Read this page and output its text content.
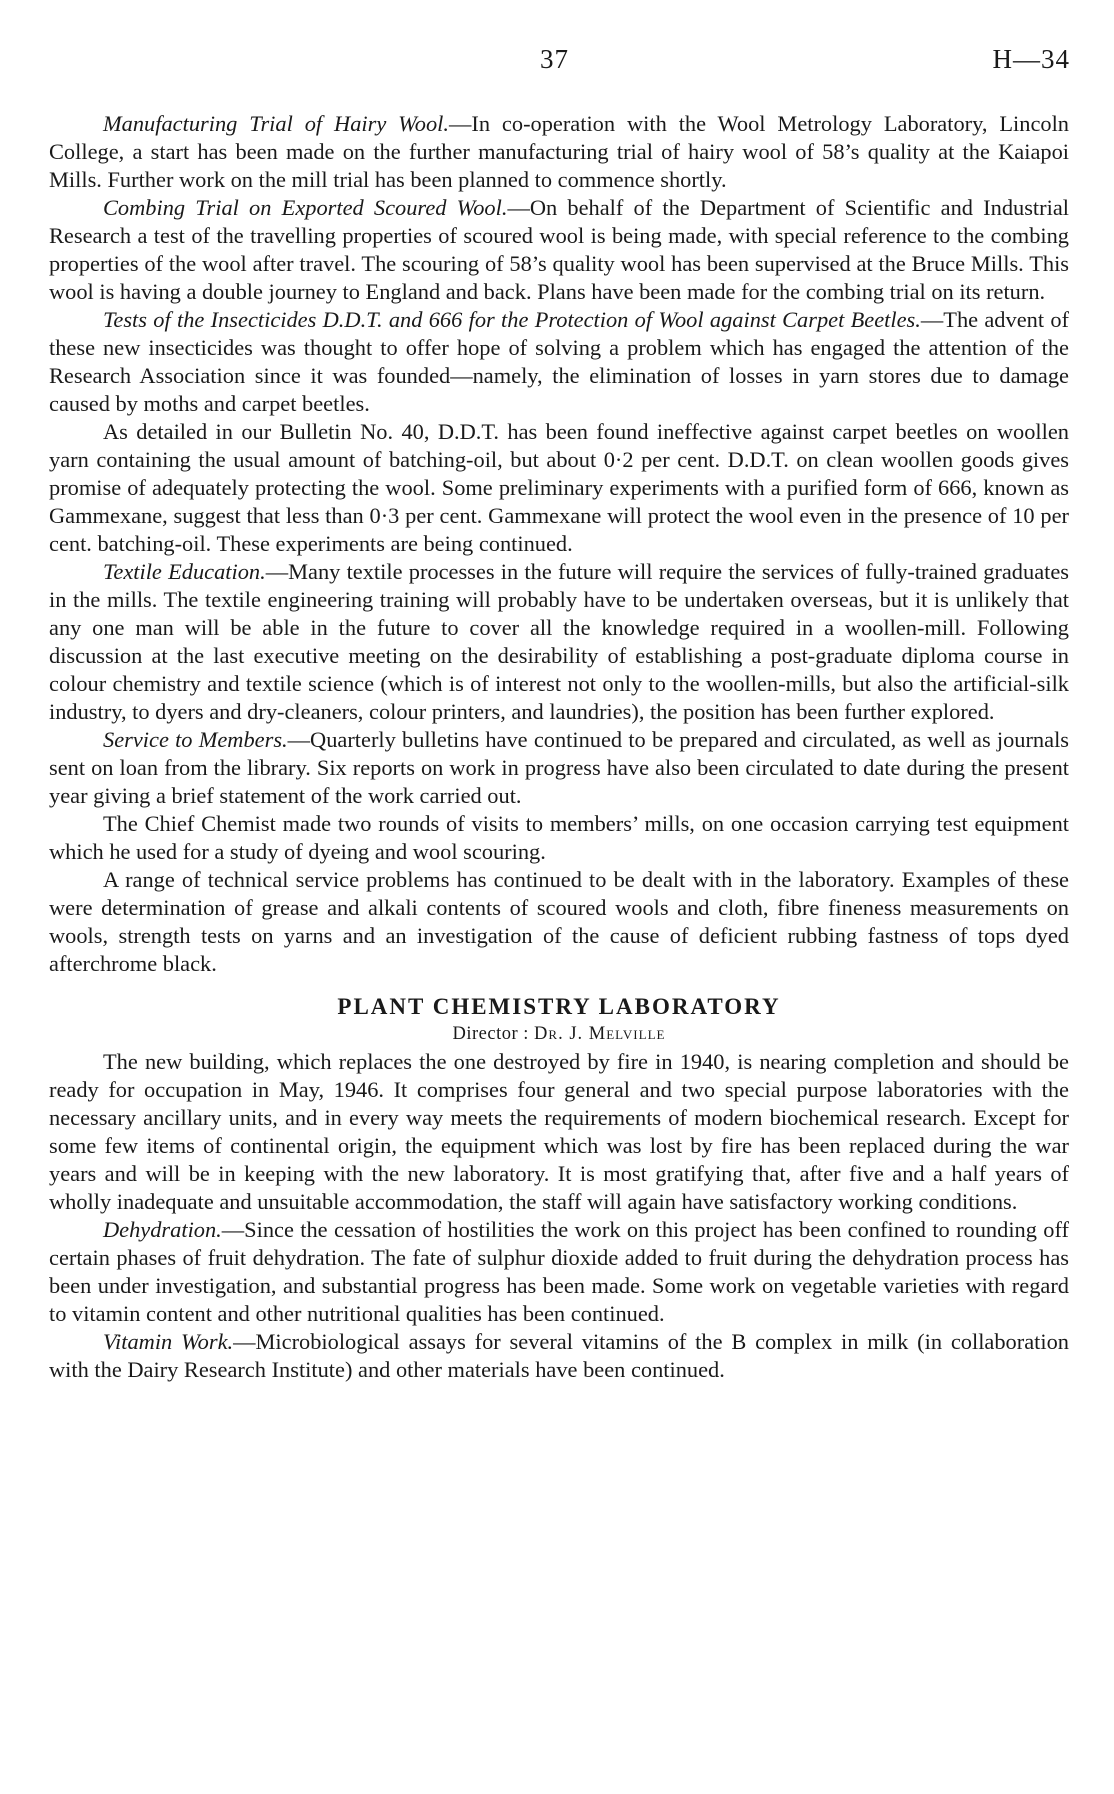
37	H—34

Manufacturing Trial of Hairy Wool.—In co-operation with the Wool Metrology Laboratory, Lincoln College, a start has been made on the further manufacturing trial of hairy wool of 58’s quality at the Kaiapoi Mills. Further work on the mill trial has been planned to commence shortly.

Combing Trial on Exported Scoured Wool.—On behalf of the Department of Scientific and Industrial Research a test of the travelling properties of scoured wool is being made, with special reference to the combing properties of the wool after travel. The scouring of 58’s quality wool has been supervised at the Bruce Mills. This wool is having a double journey to England and back. Plans have been made for the combing trial on its return.

Tests of the Insecticides D.D.T. and 666 for the Protection of Wool against Carpet Beetles.—The advent of these new insecticides was thought to offer hope of solving a problem which has engaged the attention of the Research Association since it was founded—namely, the elimination of losses in yarn stores due to damage caused by moths and carpet beetles.

As detailed in our Bulletin No. 40, D.D.T. has been found ineffective against carpet beetles on woollen yarn containing the usual amount of batching-oil, but about 0·2 per cent. D.D.T. on clean woollen goods gives promise of adequately protecting the wool. Some preliminary experiments with a purified form of 666, known as Gammexane, suggest that less than 0·3 per cent. Gammexane will protect the wool even in the presence of 10 per cent. batching-oil. These experiments are being continued.

Textile Education.—Many textile processes in the future will require the services of fully-trained graduates in the mills. The textile engineering training will probably have to be undertaken overseas, but it is unlikely that any one man will be able in the future to cover all the knowledge required in a woollen-mill. Following discussion at the last executive meeting on the desirability of establishing a post-graduate diploma course in colour chemistry and textile science (which is of interest not only to the woollen-mills, but also the artificial-silk industry, to dyers and dry-cleaners, colour printers, and laundries), the position has been further explored.

Service to Members.—Quarterly bulletins have continued to be prepared and circulated, as well as journals sent on loan from the library. Six reports on work in progress have also been circulated to date during the present year giving a brief statement of the work carried out.

The Chief Chemist made two rounds of visits to members’ mills, on one occasion carrying test equipment which he used for a study of dyeing and wool scouring.

A range of technical service problems has continued to be dealt with in the laboratory. Examples of these were determination of grease and alkali contents of scoured wools and cloth, fibre fineness measurements on wools, strength tests on yarns and an investigation of the cause of deficient rubbing fastness of tops dyed afterchrome black.

PLANT CHEMISTRY LABORATORY

Director : Dr. J. Melville

The new building, which replaces the one destroyed by fire in 1940, is nearing completion and should be ready for occupation in May, 1946. It comprises four general and two special purpose laboratories with the necessary ancillary units, and in every way meets the requirements of modern biochemical research. Except for some few items of continental origin, the equipment which was lost by fire has been replaced during the war years and will be in keeping with the new laboratory. It is most gratifying that, after five and a half years of wholly inadequate and unsuitable accommodation, the staff will again have satisfactory working conditions.

Dehydration.—Since the cessation of hostilities the work on this project has been confined to rounding off certain phases of fruit dehydration. The fate of sulphur dioxide added to fruit during the dehydration process has been under investigation, and substantial progress has been made. Some work on vegetable varieties with regard to vitamin content and other nutritional qualities has been continued.

Vitamin Work.—Microbiological assays for several vitamins of the B complex in milk (in collaboration with the Dairy Research Institute) and other materials have been continued.
